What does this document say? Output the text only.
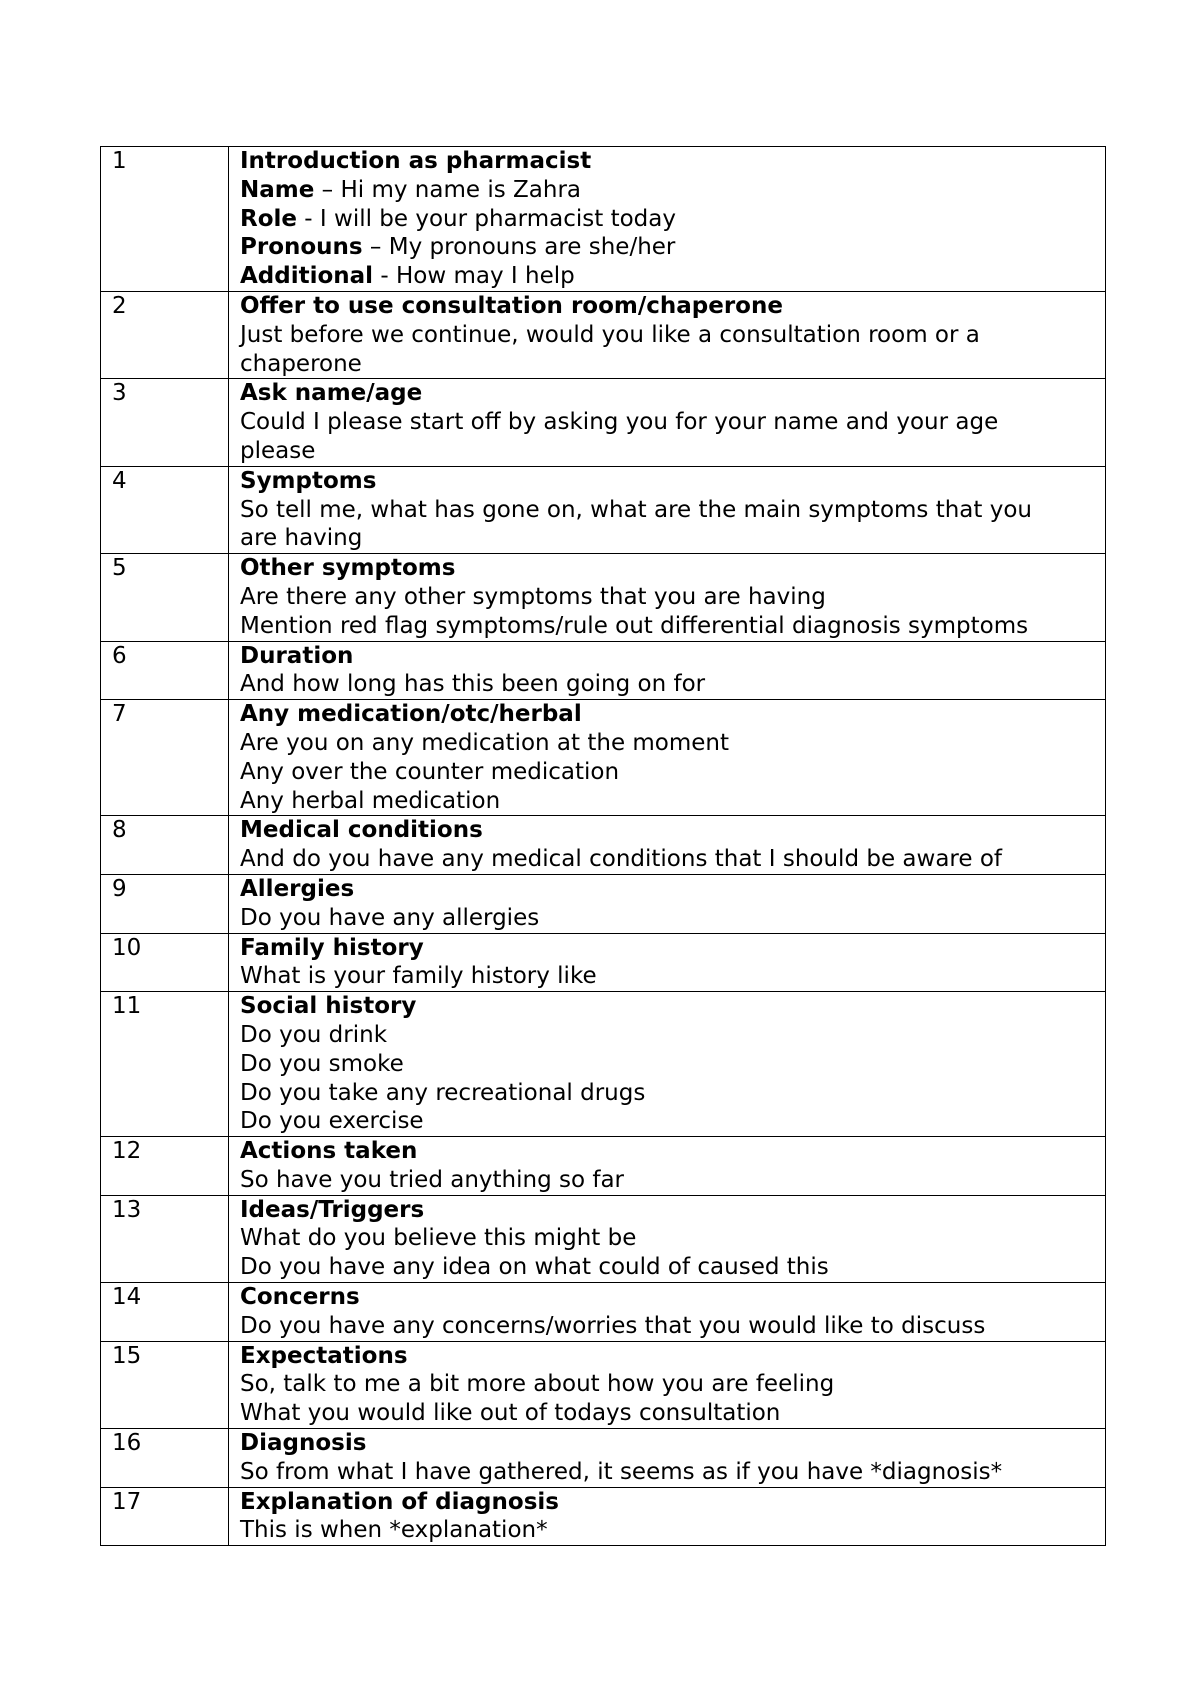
1	Introduction as pharmacist
Name – Hi my name is Zahra
Role - I will be your pharmacist today
Pronouns – My pronouns are she/her
Additional - How may I help

2	Offer to use consultation room/chaperone
Just before we continue, would you like a consultation room or a
chaperone

3	Ask name/age
Could I please start off by asking you for your name and your age
please

4	Symptoms
So tell me, what has gone on, what are the main symptoms that you
are having

5	Other symptoms
Are there any other symptoms that you are having
Mention red flag symptoms/rule out differential diagnosis symptoms

6	Duration
And how long has this been going on for

7	Any medication/otc/herbal
Are you on any medication at the moment
Any over the counter medication
Any herbal medication

8	Medical conditions
And do you have any medical conditions that I should be aware of

9	Allergies
Do you have any allergies

10	Family history
What is your family history like

11	Social history
Do you drink
Do you smoke
Do you take any recreational drugs
Do you exercise

12	Actions taken
So have you tried anything so far

13	Ideas/Triggers
What do you believe this might be
Do you have any idea on what could of caused this

14	Concerns
Do you have any concerns/worries that you would like to discuss

15	Expectations
So, talk to me a bit more about how you are feeling
What you would like out of todays consultation

16	Diagnosis
So from what I have gathered, it seems as if you have *diagnosis*

17	Explanation of diagnosis
This is when *explanation*
